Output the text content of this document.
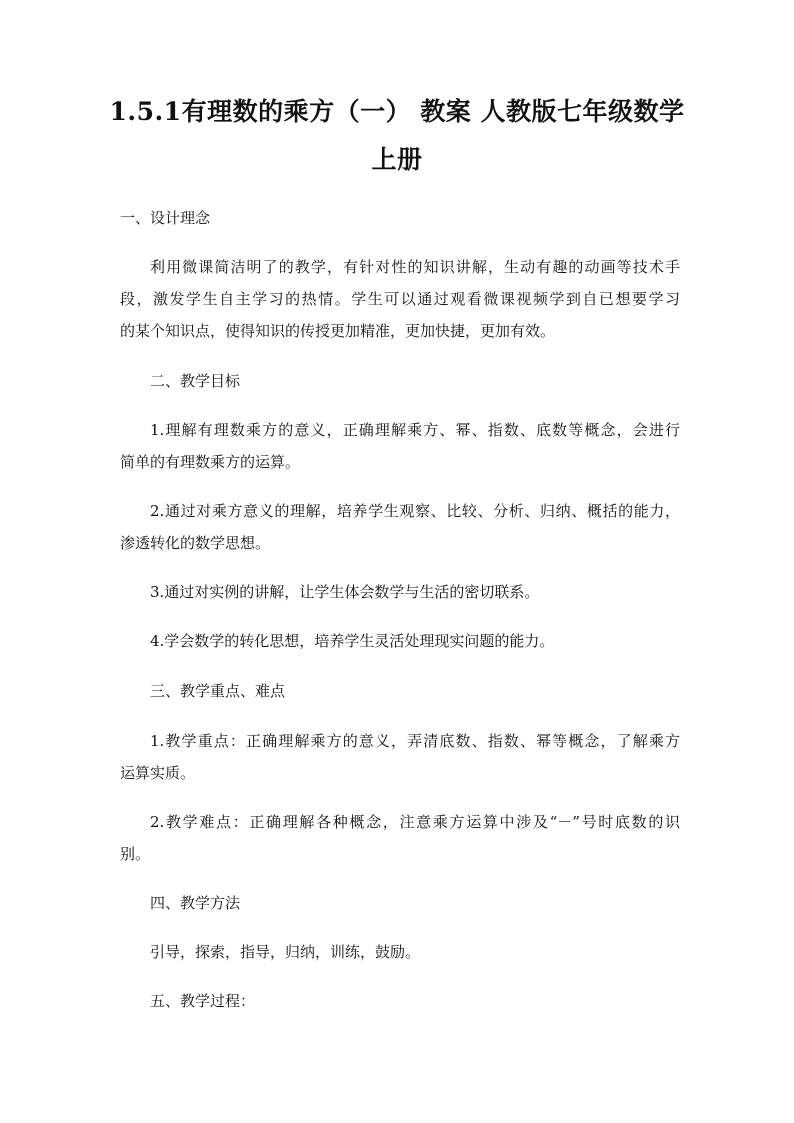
1.5.1有理数的乘方（一） 教案 人教版七年级数学
上册
一、设计理念
利用微课简洁明了的教学，有针对性的知识讲解，生动有趣的动画等技术手
段，激发学生自主学习的热情。学生可以通过观看微课视频学到自已想要学习
的某个知识点，使得知识的传授更加精准，更加快捷，更加有效。
二、教学目标
1.理解有理数乘方的意义，正确理解乘方、幂、指数、底数等概念，会进行
简单的有理数乘方的运算。
2.通过对乘方意义的理解，培养学生观察、比较、分析、归纳、概括的能力，
渗透转化的数学思想。
3.通过对实例的讲解，让学生体会数学与生活的密切联系。
4.学会数学的转化思想，培养学生灵活处理现实问题的能力。
三、教学重点、难点
1.教学重点：正确理解乘方的意义，弄清底数、指数、幂等概念，了解乘方
运算实质。
2.教学难点：正确理解各种概念，注意乘方运算中涉及“－”号时底数的识
别。
四、教学方法
引导，探索，指导，归纳，训练，鼓励。
五、教学过程：
